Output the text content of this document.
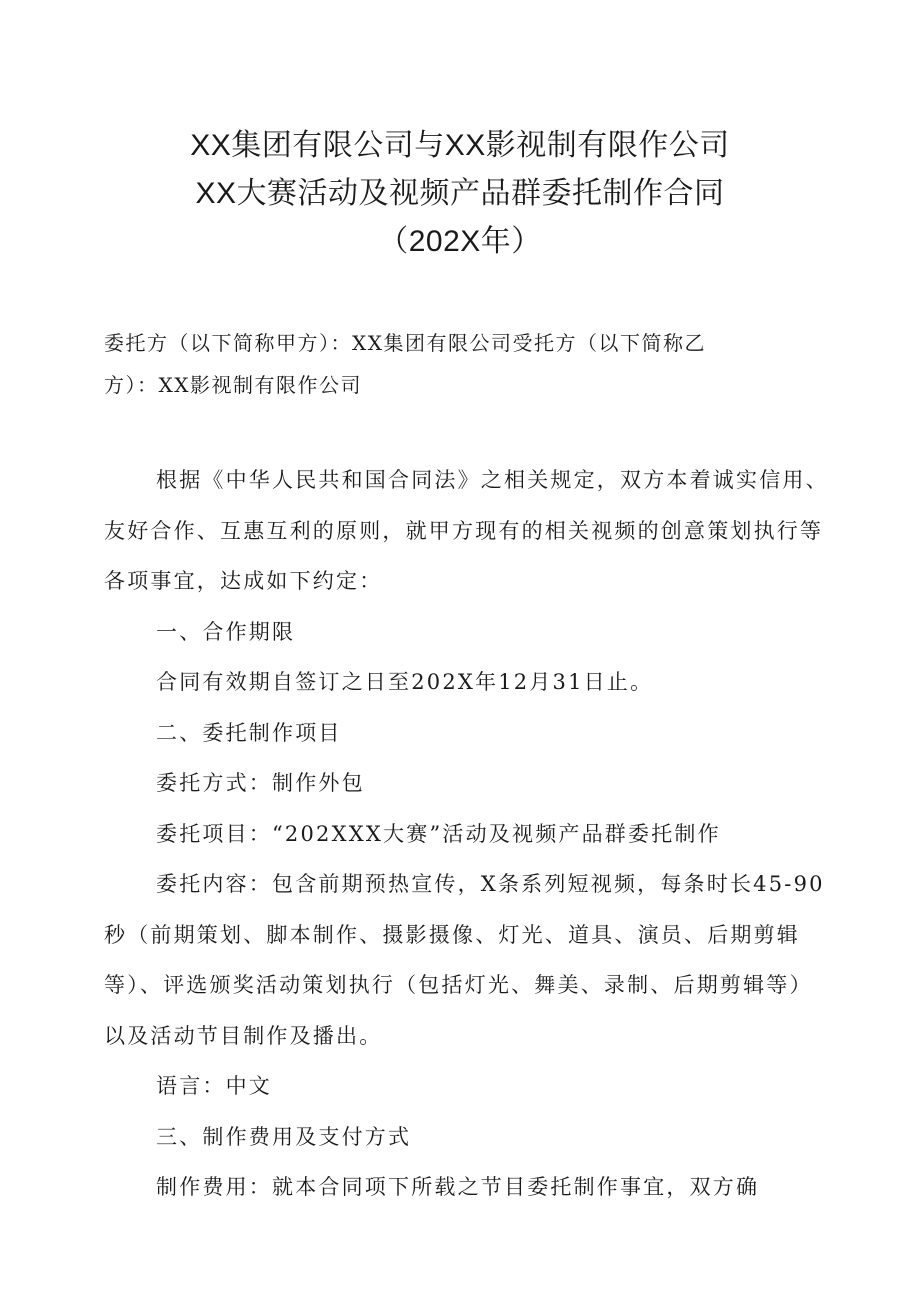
XX集团有限公司与XX影视制有限作公司
XX大赛活动及视频产品群委托制作合同
（202X年）
委托方（以下简称甲方）：XX集团有限公司受托方（以下简称乙
方）：XX影视制有限作公司

根据《中华人民共和国合同法》之相关规定，双方本着诚实信用、友好合作、互惠互利的原则，就甲方现有的相关视频的创意策划执行等各项事宜，达成如下约定：

一、合作期限

合同有效期自签订之日至202X年12月31日止。

二、委托制作项目

委托方式：制作外包

委托项目：“202XXX大赛”活动及视频产品群委托制作

委托内容：包含前期预热宣传，X条系列短视频，每条时长45-90秒（前期策划、脚本制作、摄影摄像、灯光、道具、演员、后期剪辑等）、评选颁奖活动策划执行（包括灯光、舞美、录制、后期剪辑等）以及活动节目制作及播出。

语言：中文

三、制作费用及支付方式

制作费用：就本合同项下所载之节目委托制作事宜，双方确
